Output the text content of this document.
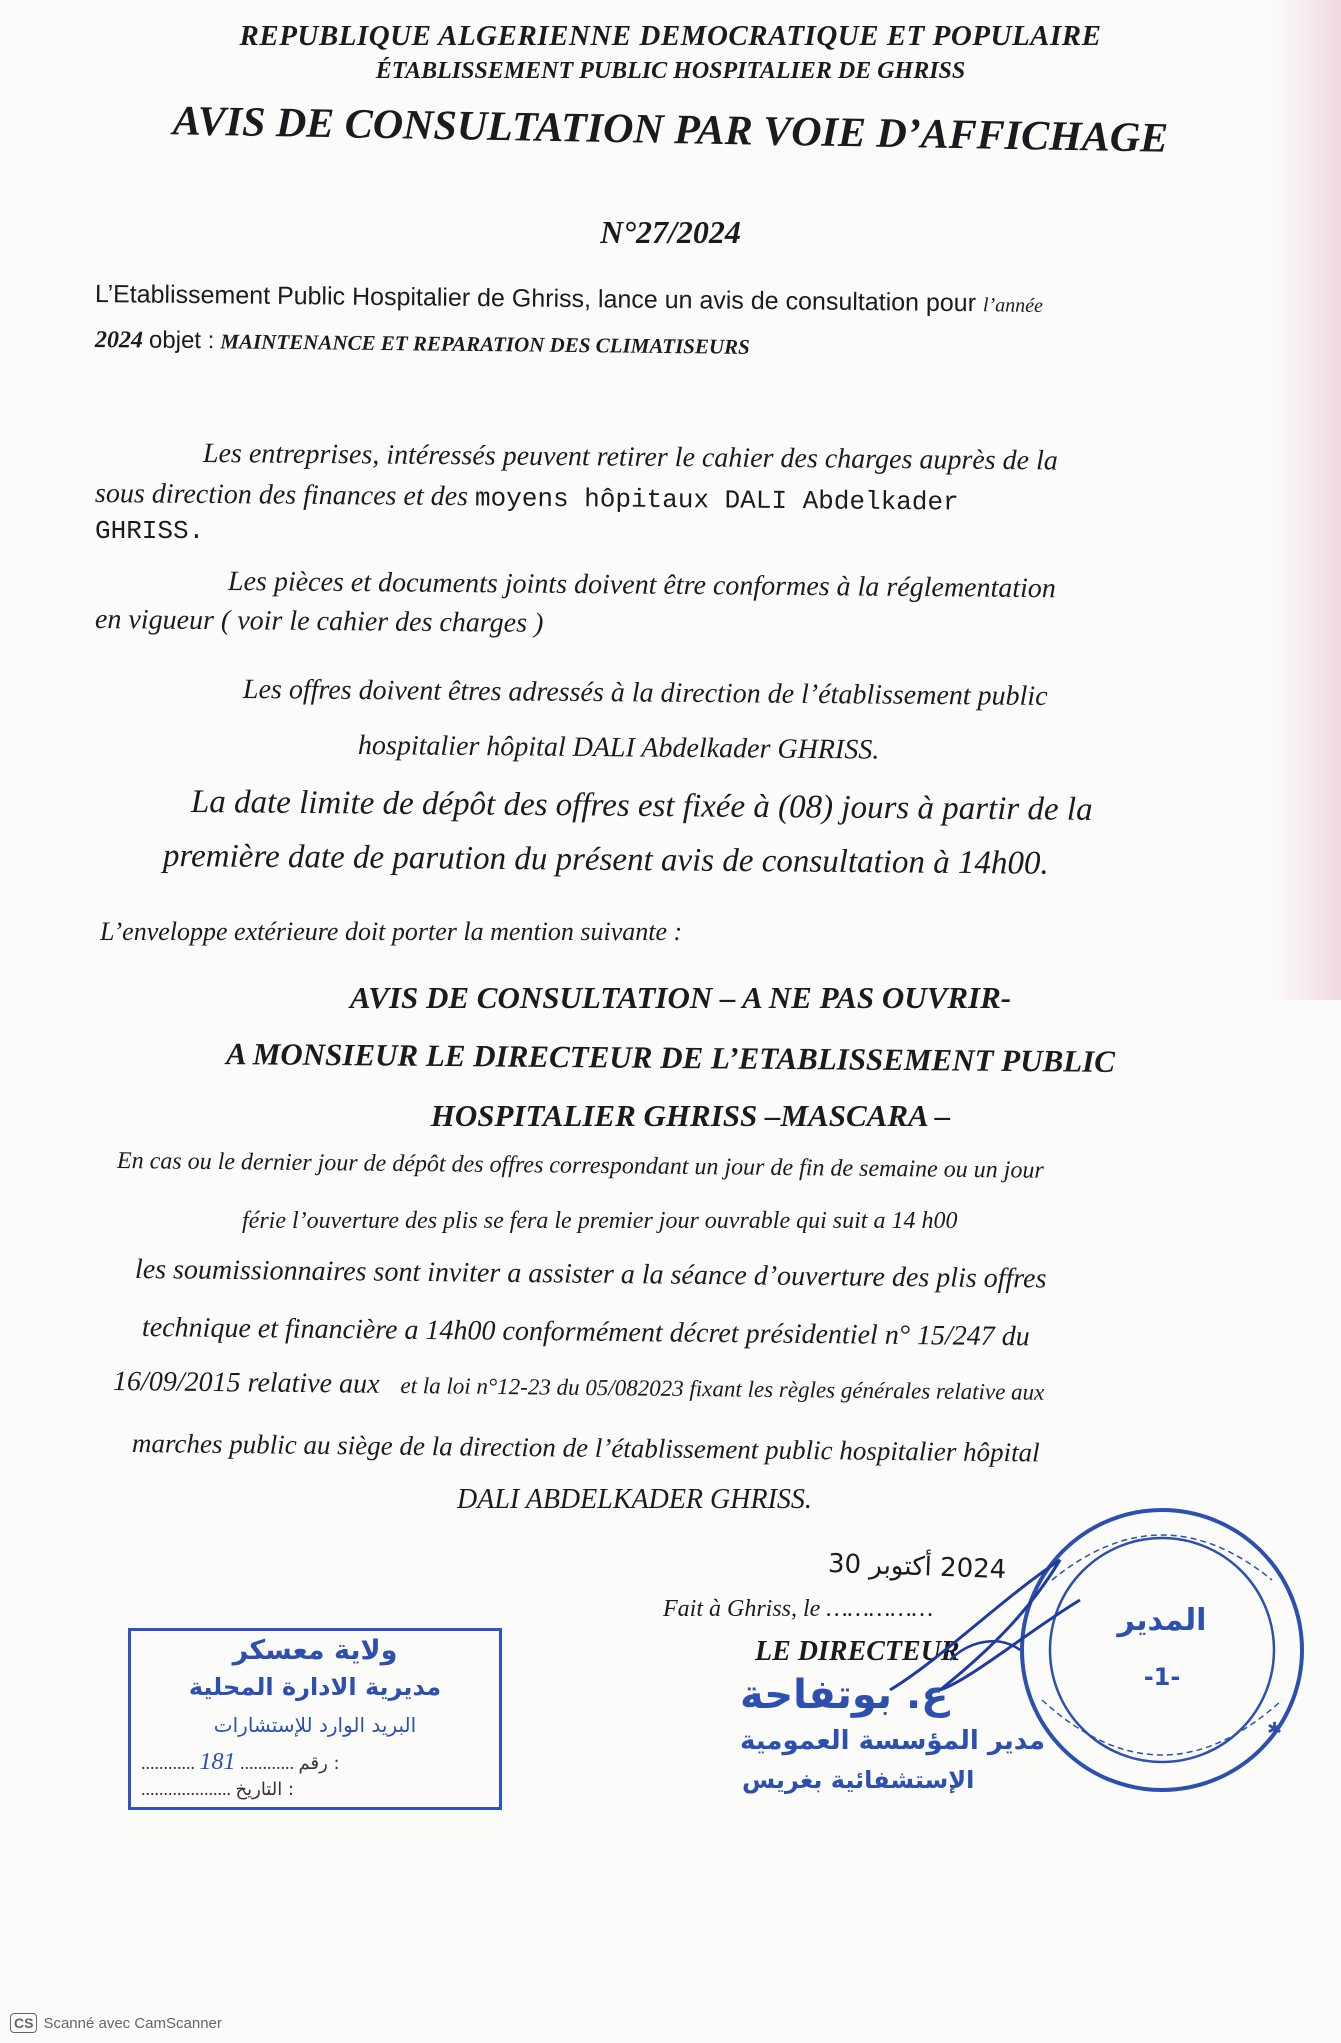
REPUBLIQUE ALGERIENNE DEMOCRATIQUE ET POPULAIRE
ÉTABLISSEMENT PUBLIC HOSPITALIER DE GHRISS
AVIS DE CONSULTATION PAR VOIE D’AFFICHAGE
N°27/2024
L’Etablissement Public Hospitalier de Ghriss, lance un avis de consultation pour l’année
2024 objet : MAINTENANCE ET REPARATION DES CLIMATISEURS
Les entreprises, intéressés peuvent retirer le cahier des charges auprès de la
sous direction des finances et des moyens hôpitaux DALI Abdelkader
GHRISS.
Les pièces et documents joints doivent être conformes à la réglementation
en vigueur ( voir le cahier des charges )
Les offres doivent êtres adressés à la direction de l’établissement public
hospitalier hôpital DALI Abdelkader GHRISS.
La date limite de dépôt des offres est fixée à (08) jours à partir de la
première date de parution du présent avis de consultation à 14h00.
L’enveloppe extérieure doit porter la mention suivante :
AVIS DE CONSULTATION – A NE PAS OUVRIR-
A MONSIEUR LE DIRECTEUR DE L’ETABLISSEMENT PUBLIC
HOSPITALIER GHRISS –MASCARA –
En cas ou le dernier jour de dépôt des offres correspondant un jour de fin de semaine ou un jour
férie l’ouverture des plis se fera le premier jour ouvrable qui suit a 14 h00
les soumissionnaires sont inviter a assister a la séance d’ouverture des plis offres
technique et financière a 14h00 conformément décret présidentiel n° 15/247 du
16/09/2015 relative aux et la loi n°12-23 du 05/082023 fixant les règles générales relative aux
marches public au siège de la direction de l’établissement public hospitalier hôpital
DALI ABDELKADER GHRISS.
2024 أكتوبر 30
Fait à Ghriss, le ……………
LE DIRECTEUR
ع. بوتفاحة
مدير المؤسسة العمومية
الإستشفائية بغريس
المدير
-1-
✱
ولاية معسكر
مديرية الادارة المحلية
البريد الوارد للإستشارات
............ 181 ............ رقم :
.................... التاريخ :
CS Scanné avec CamScanner
